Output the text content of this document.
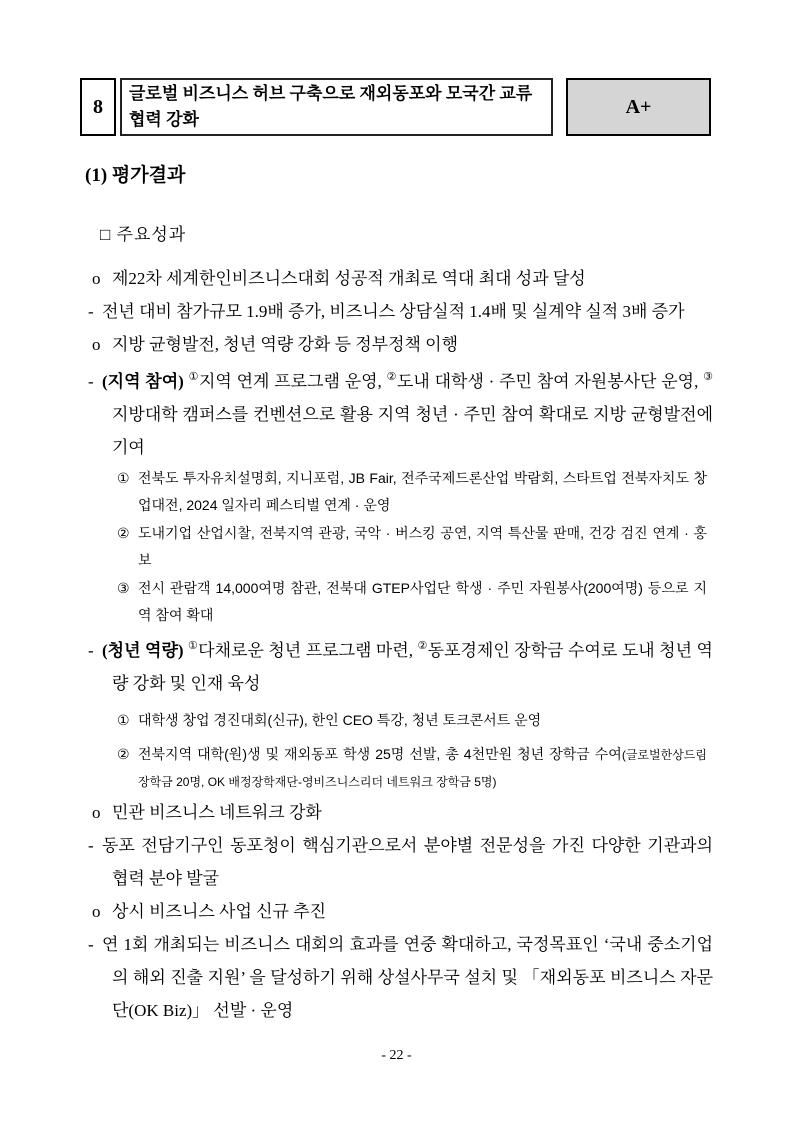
8
글로벌 비즈니스 허브 구축으로 재외동포와 모국간 교류협력 강화
A+
(1) 평가결과
□ 주요성과
o 제22차 세계한인비즈니스대회 성공적 개최로 역대 최대 성과 달성
- 전년 대비 참가규모 1.9배 증가, 비즈니스 상담실적 1.4배 및 실계약 실적 3배 증가
o 지방 균형발전, 청년 역량 강화 등 정부정책 이행
- (지역 참여) ①지역 연계 프로그램 운영, ②도내 대학생 · 주민 참여 자원봉사단 운영, ③지방대학 캠퍼스를 컨벤션으로 활용 지역 청년 · 주민 참여 확대로 지방 균형발전에 기여
① 전북도 투자유치설명회, 지니포럼, JB Fair, 전주국제드론산업 박람회, 스타트업 전북자치도 창업대전, 2024 일자리 페스티벌 연계 · 운영
② 도내기업 산업시찰, 전북지역 관광, 국악 · 버스킹 공연, 지역 특산물 판매, 건강 검진 연계 · 홍보
③ 전시 관람객 14,000여명 참관, 전북대 GTEP사업단 학생 · 주민 자원봉사(200여명) 등으로 지역 참여 확대
- (청년 역량) ①다채로운 청년 프로그램 마련, ②동포경제인 장학금 수여로 도내 청년 역량 강화 및 인재 육성
① 대학생 창업 경진대회(신규), 한인 CEO 특강, 청년 토크콘서트 운영
② 전북지역 대학(원)생 및 재외동포 학생 25명 선발, 총 4천만원 청년 장학금 수여(글로벌한상드림 장학금 20명, OK 배정장학재단-영비즈니스리더 네트워크 장학금 5명)
o 민관 비즈니스 네트워크 강화
- 동포 전담기구인 동포청이 핵심기관으로서 분야별 전문성을 가진 다양한 기관과의 협력 분야 발굴
o 상시 비즈니스 사업 신규 추진
- 연 1회 개최되는 비즈니스 대회의 효과를 연중 확대하고, 국정목표인 ‘국내 중소기업의 해외 진출 지원’ 을 달성하기 위해 상설사무국 설치 및 「재외동포 비즈니스 자문단(OK Biz)」 선발 · 운영
- 22 -
